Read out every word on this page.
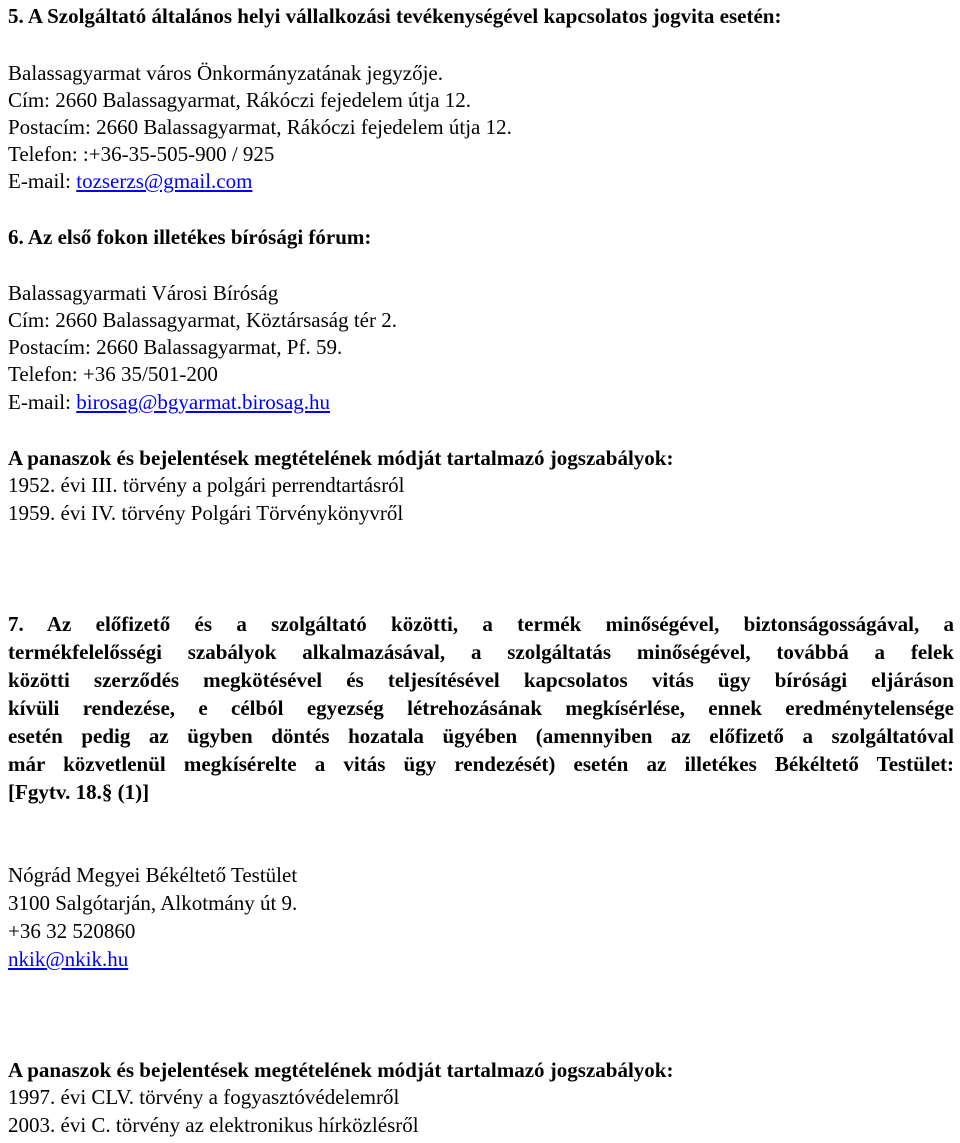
5. A Szolgáltató általános helyi vállalkozási tevékenységével kapcsolatos jogvita esetén:
Balassagyarmat város Önkormányzatának jegyzője.
Cím: 2660 Balassagyarmat, Rákóczi fejedelem útja 12.
Postacím: 2660 Balassagyarmat, Rákóczi fejedelem útja 12.
Telefon: :+36-35-505-900 / 925
E-mail: tozserzs@gmail.com
6. Az első fokon illetékes bírósági fórum:
Balassagyarmati Városi Bíróság
Cím: 2660 Balassagyarmat, Köztársaság tér 2.
Postacím: 2660 Balassagyarmat, Pf. 59.
Telefon: +36 35/501-200
E-mail: birosag@bgyarmat.birosag.hu
A panaszok és bejelentések megtételének módját tartalmazó jogszabályok:
1952. évi III. törvény a polgári perrendtartásról
1959. évi IV. törvény Polgári Törvénykönyvről
7. Az előfizető és a szolgáltató közötti, a termék minőségével, biztonságosságával, a
termékfelelősségi szabályok alkalmazásával, a szolgáltatás minőségével, továbbá a felek
közötti szerződés megkötésével és teljesítésével kapcsolatos vitás ügy bírósági eljáráson
kívüli rendezése, e célból egyezség létrehozásának megkísérlése, ennek eredménytelensége
esetén pedig az ügyben döntés hozatala ügyében (amennyiben az előfizető a szolgáltatóval
már közvetlenül megkísérelte a vitás ügy rendezését) esetén az illetékes Békéltető Testület:
[Fgytv. 18.§ (1)]
Nógrád Megyei Békéltető Testület
3100 Salgótarján, Alkotmány út 9.
+36 32 520860
nkik@nkik.hu
A panaszok és bejelentések megtételének módját tartalmazó jogszabályok:
1997. évi CLV. törvény a fogyasztóvédelemről
2003. évi C. törvény az elektronikus hírközlésről
